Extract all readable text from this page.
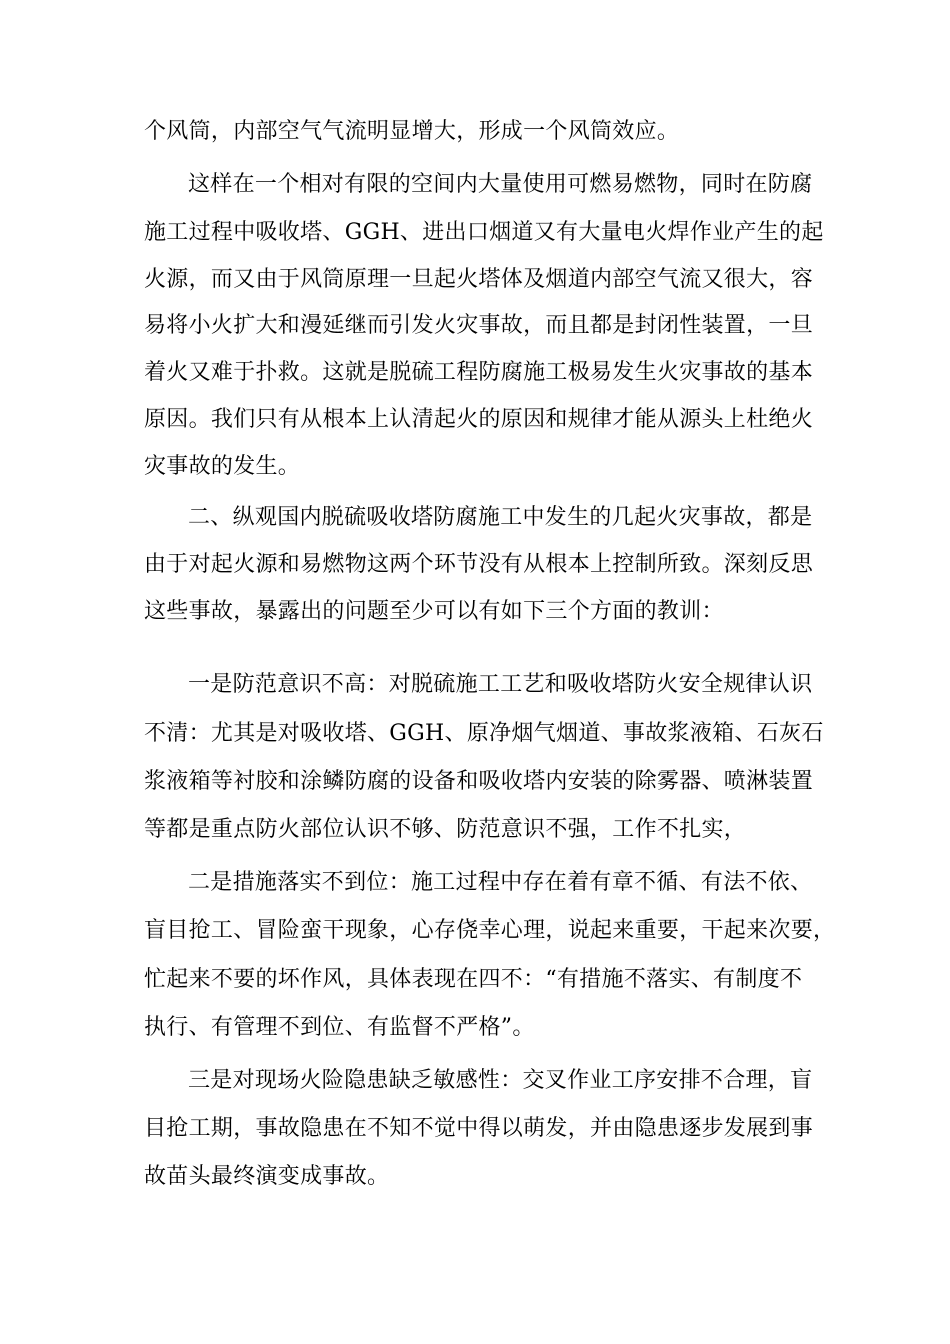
个风筒，内部空气气流明显增大，形成一个风筒效应。
这样在一个相对有限的空间内大量使用可燃易燃物，同时在防腐
施工过程中吸收塔、GGH、进出口烟道又有大量电火焊作业产生的起
火源，而又由于风筒原理一旦起火塔体及烟道内部空气流又很大，容
易将小火扩大和漫延继而引发火灾事故，而且都是封闭性装置，一旦
着火又难于扑救。这就是脱硫工程防腐施工极易发生火灾事故的基本
原因。我们只有从根本上认清起火的原因和规律才能从源头上杜绝火
灾事故的发生。
二、纵观国内脱硫吸收塔防腐施工中发生的几起火灾事故，都是
由于对起火源和易燃物这两个环节没有从根本上控制所致。深刻反思
这些事故，暴露出的问题至少可以有如下三个方面的教训：
一是防范意识不高：对脱硫施工工艺和吸收塔防火安全规律认识
不清：尤其是对吸收塔、GGH、原净烟气烟道、事故浆液箱、石灰石
浆液箱等衬胶和涂鳞防腐的设备和吸收塔内安装的除雾器、喷淋装置
等都是重点防火部位认识不够、防范意识不强，工作不扎实，
二是措施落实不到位：施工过程中存在着有章不循、有法不依、
盲目抢工、冒险蛮干现象，心存侥幸心理，说起来重要，干起来次要，
忙起来不要的坏作风，具体表现在四不：“有措施不落实、有制度不
执行、有管理不到位、有监督不严格”。
三是对现场火险隐患缺乏敏感性：交叉作业工序安排不合理，盲
目抢工期，事故隐患在不知不觉中得以萌发，并由隐患逐步发展到事
故苗头最终演变成事故。
